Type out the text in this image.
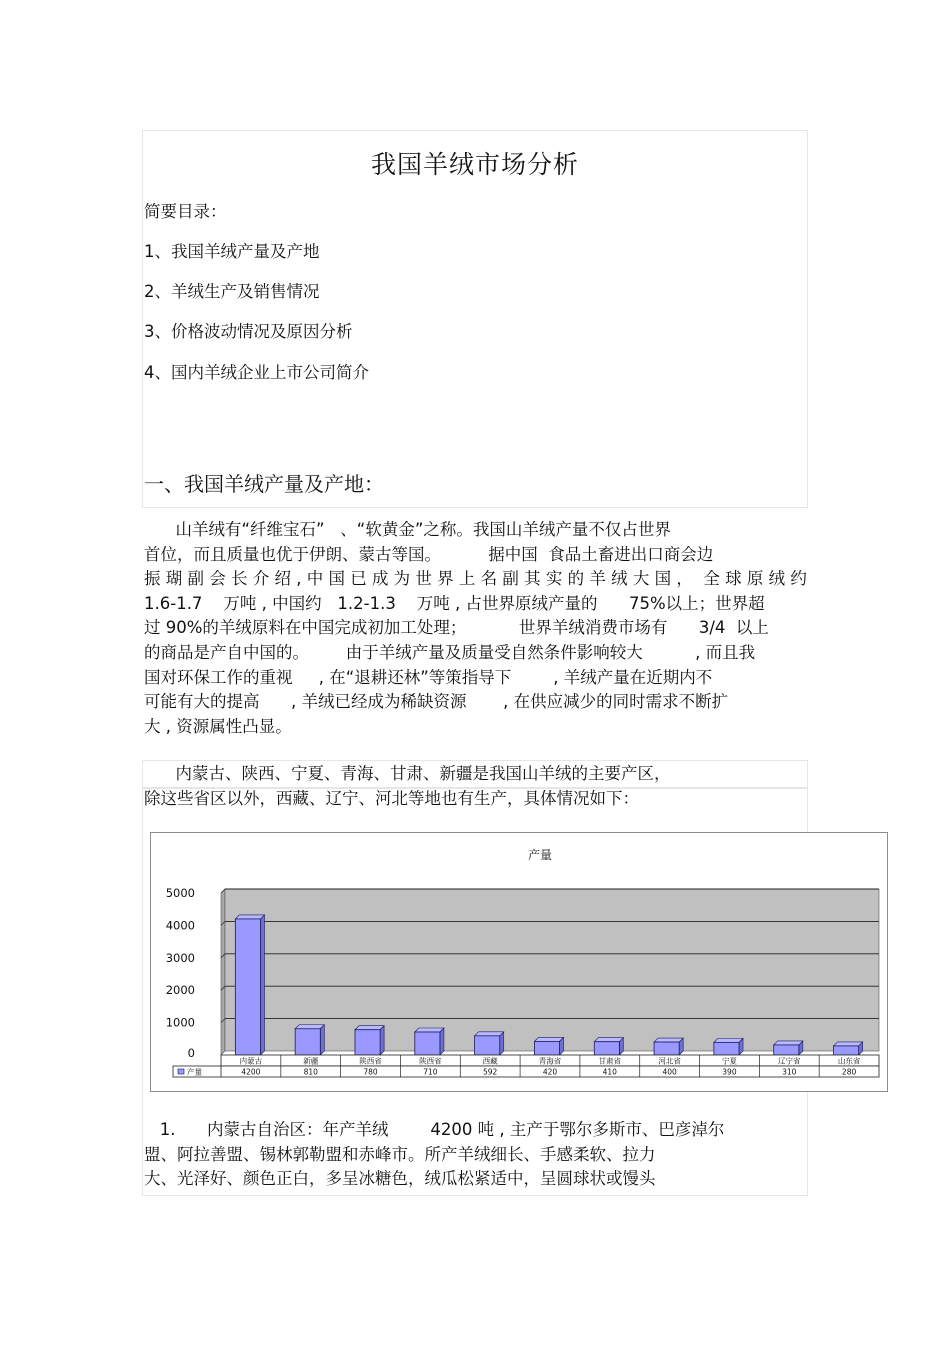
我国羊绒市场分析
简要目录：
1、我国羊绒产量及产地
2、羊绒生产及销售情况
3、价格波动情况及原因分析
4、国内羊绒企业上市公司简介
一、我国羊绒产量及产地：
山羊绒有“纤维宝石”   、“软黄金”之称。我国山羊绒产量不仅占世界
首位，而且质量也优于伊朗、蒙古等国。         据中国  食品土畜进出口商会边
振 瑚 副 会 长 介 绍 , 中 国 已 成 为 世 界 上 名 副 其 实 的 羊 绒 大 国 ，  全 球 原 绒 约
1.6-1.7    万吨 , 中国约   1.2-1.3    万吨 , 占世界原绒产量的      75%以上；世界超
过 90%的羊绒原料在中国完成初加工处理；          世界羊绒消费市场有      3/4  以上
的商品是产自中国的。       由于羊绒产量及质量受自然条件影响较大          , 而且我
国对环保工作的重视     , 在“退耕还林”等策指导下        , 羊绒产量在近期内不
可能有大的提高      , 羊绒已经成为稀缺资源       , 在供应减少的同时需求不断扩
大 , 资源属性凸显。
内蒙古、陕西、宁夏、青海、甘肃、新疆是我国山羊绒的主要产区，
除这些省区以外，西藏、辽宁、河北等地也有生产，具体情况如下：
产量
0
1000
2000
3000
4000
5000
内蒙古
4200
新疆
810
陕西省
780
陕西省
710
西藏
592
青海省
420
甘肃省
410
河北省
400
宁夏
390
辽宁省
310
山东省
280
产量
1.      内蒙古自治区：年产羊绒        4200 吨 , 主产于鄂尔多斯市、巴彦淖尔
盟、阿拉善盟、锡林郭勒盟和赤峰市。所产羊绒细长、手感柔软、拉力
大、光泽好、颜色正白，多呈冰糖色，绒瓜松紧适中，呈圆球状或馒头
